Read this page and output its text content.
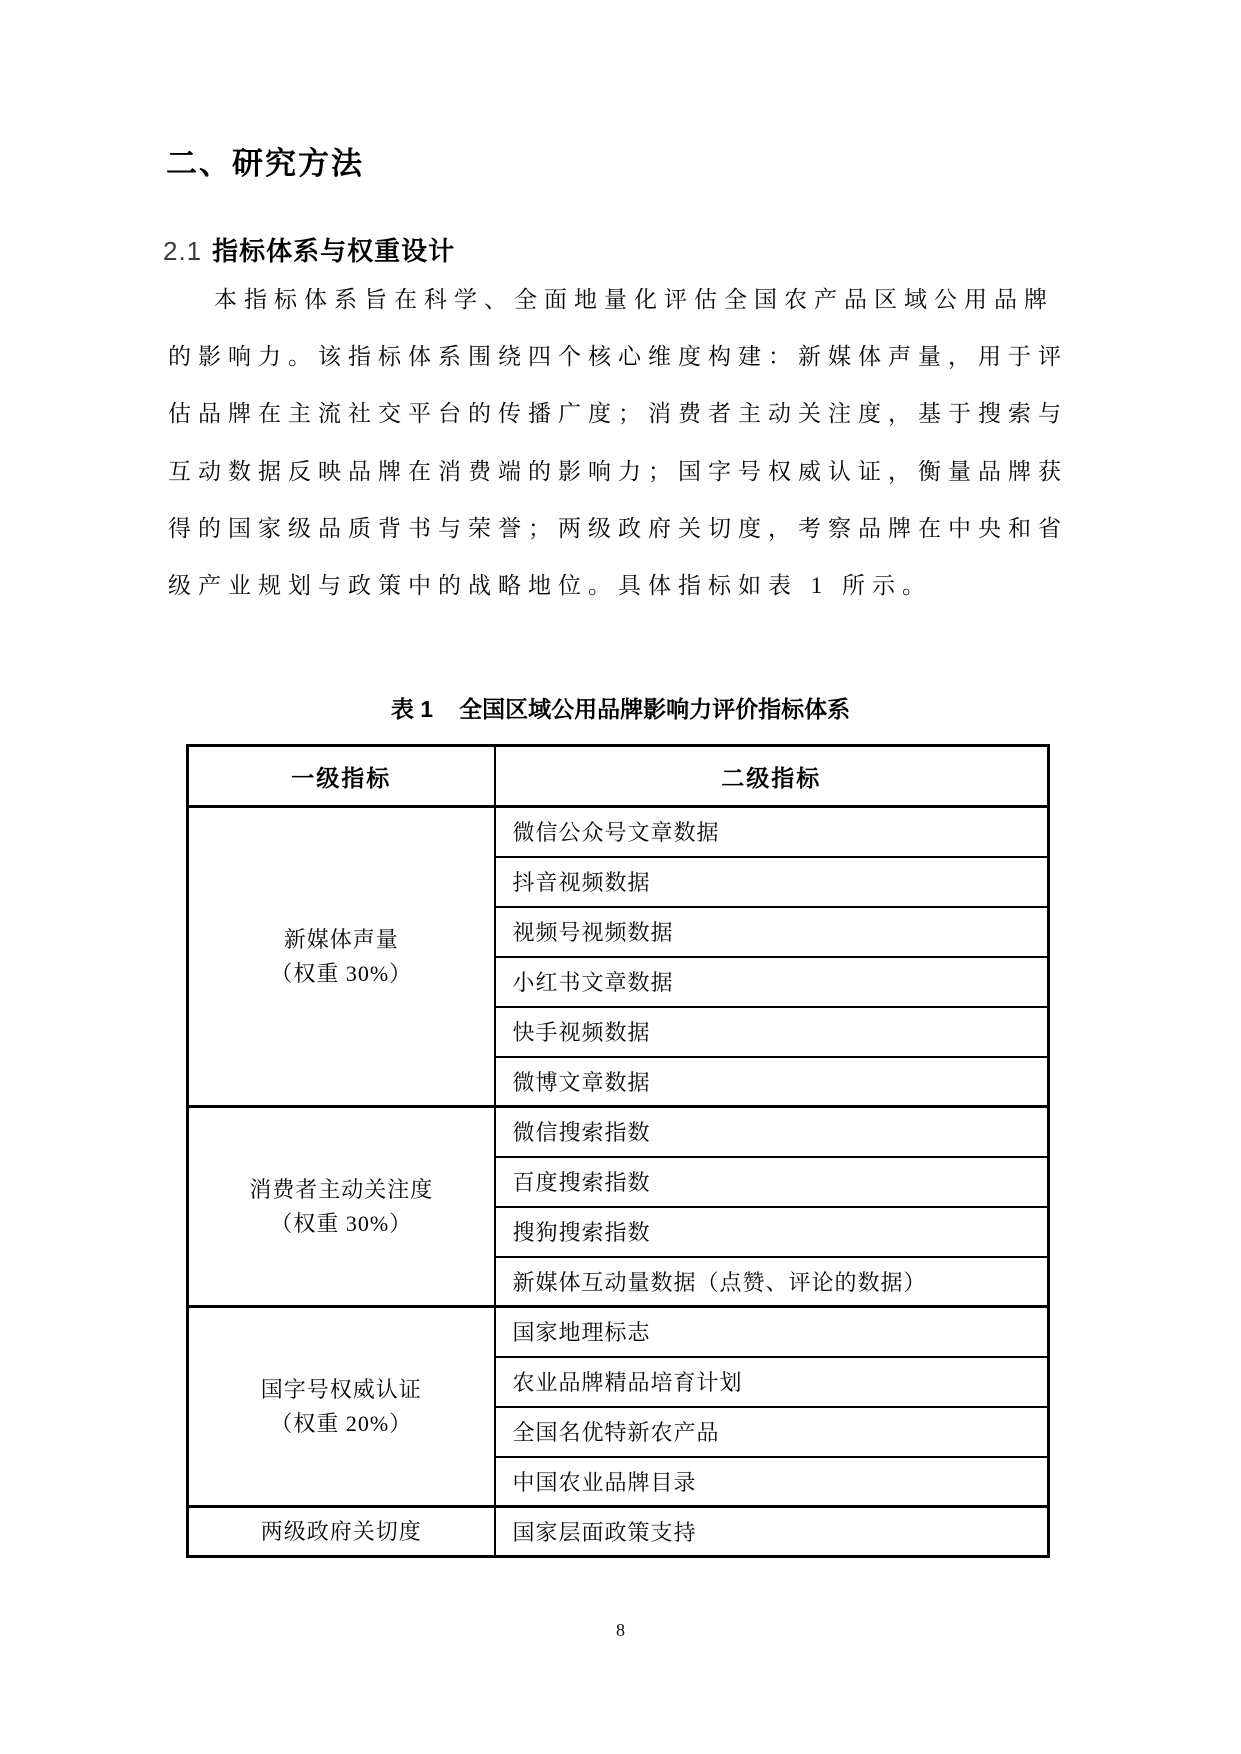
二、研究方法
2.1 指标体系与权重设计
本指标体系旨在科学、全面地量化评估全国农产品区域公用品牌
的影响力。该指标体系围绕四个核心维度构建：新媒体声量，用于评
估品牌在主流社交平台的传播广度；消费者主动关注度，基于搜索与
互动数据反映品牌在消费端的影响力；国字号权威认证，衡量品牌获
得的国家级品质背书与荣誉；两级政府关切度，考察品牌在中央和省
级产业规划与政策中的战略地位。具体指标如表 1 所示。
表 1 全国区域公用品牌影响力评价指标体系
一级指标	二级指标

新媒体声量
（权重 30%）	微信公众号文章数据
	抖音视频数据
	视频号视频数据
	小红书文章数据
	快手视频数据
	微博文章数据

消费者主动关注度
（权重 30%）	微信搜索指数
	百度搜索指数
	搜狗搜索指数
	新媒体互动量数据（点赞、评论的数据）

国字号权威认证
（权重 20%）	国家地理标志
	农业品牌精品培育计划
	全国名优特新农产品
	中国农业品牌目录

两级政府关切度	国家层面政策支持
8
